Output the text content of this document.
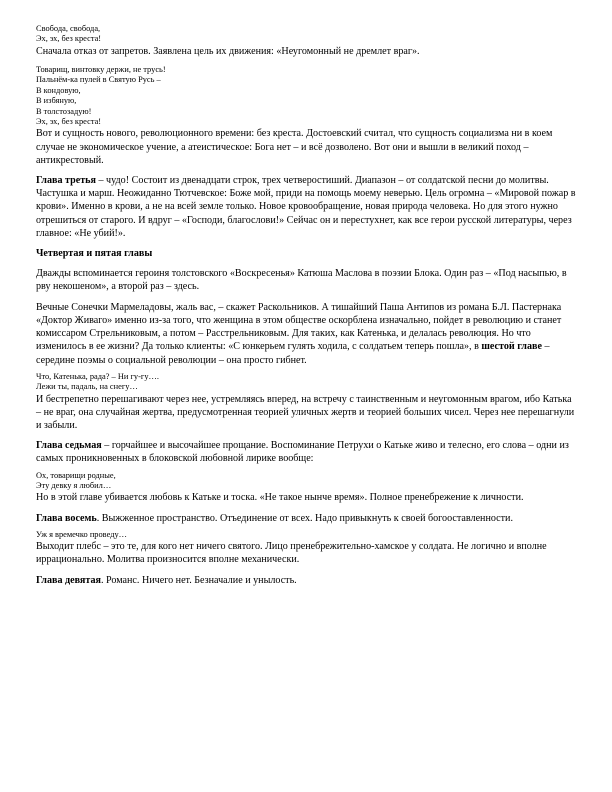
Свобода, свобода,

Эх, эх, без креста!

Сначала отказ от запретов. Заявлена цель их движения: «Неугомонный не дремлет враг».

Товарищ, винтовку держи, не трусь!

Пальнём-ка пулей в Святую Русь –

В кондовую,

В избяную,

В толстозадую!

Эх, эх, без креста!

Вот и сущность нового, революционного времени: без креста. Достоевский считал, что сущность социализма ни в коем случае не экономическое учение, а атеистическое: Бога нет – и всё дозволено. Вот они и вышли в великий поход – антикрестовый.

Глава третья – чудо! Состоит из двенадцати строк, трех четверостиший. Диапазон – от солдатской песни до молитвы. Частушка и марш. Неожиданно Тютчевское: Боже мой, приди на помощь моему неверью. Цель огромна – «Мировой пожар в крови». Именно в крови, а не на всей земле только. Новое кровообращение, новая природа человека. Но для этого нужно отрешиться от старого. И вдруг – «Господи, благослови!» Сейчас он и перестухнет, как все герои русской литературы, через главное: «Не убий!».

Четвертая и пятая главы

Дважды вспоминается героиня толстовского «Воскресенья» Катюша Маслова в поэзии Блока. Один раз – «Под насыпью, в рву некошеном», а второй раз – здесь.

Вечные Сонечки Мармеладовы, жаль вас, – скажет Раскольников. А тишайший Паша Антипов из романа Б.Л. Пастернака «Доктор Живаго» именно из-за того, что женщина в этом обществе оскорблена изначально, пойдет в революцию и станет комиссаром Стрельниковым, а потом – Расстрельниковым. Для таких, как Катенька, и делалась революция. Но что изменилось в ее жизни? Да только клиенты: «С юнкерьем гулять ходила, с солдатьем теперь пошла», в шестой главе – середине поэмы о социальной революции – она просто гибнет.

Что, Катенька, рада? – Ни гу-гу….

Лежи ты, падаль, на снегу…

И бестрепетно перешагивают через нее, устремляясь вперед, на встречу с таинственным и неугомонным врагом, ибо Катька – не враг, она случайная жертва, предусмотренная теорией уличных жертв и теорией больших чисел. Через нее перешагнули и забыли.

Глава седьмая – горчайшее и высочайшее прощание. Воспоминание Петрухи о Катьке живо и телесно, его слова – одни из самых проникновенных в блоковской любовной лирике вообще:

Ох, товарищи родные,

Эту девку я любил…

Но в этой главе убивается любовь к Катьке и тоска. «Не такое нынче время». Полное пренебрежение к личности.

Глава восемь. Выжженное пространство. Отъединение от всех. Надо привыкнуть к своей богооставленности.

Уж я времечко проведу…

Выходит плебс – это те, для кого нет ничего святого. Лицо пренебрежительно-хамское у солдата. Не логично и вполне иррационально. Молитва произносится вполне механически.

Глава девятая. Романс. Ничего нет. Безначалие и унылость.
